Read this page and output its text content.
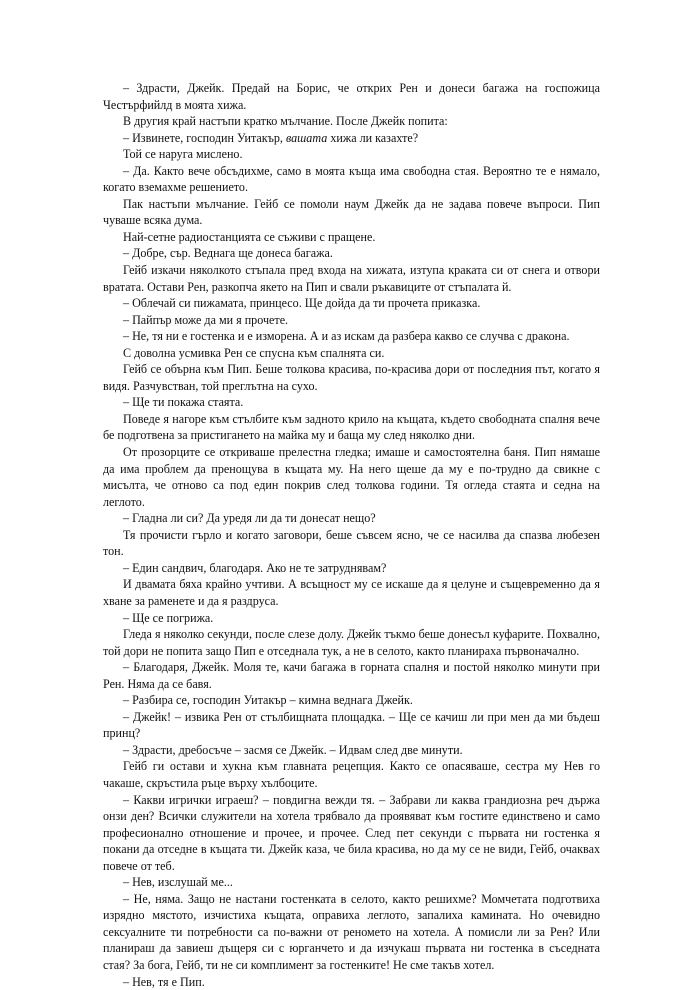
– Здрасти, Джейк. Предай на Борис, че открих Рен и донеси багажа на госпожица Честърфийлд в моята хижа.

В другия край настъпи кратко мълчание. После Джейк попита:

– Извинете, господин Уитакър, вашата хижа ли казахте?

Той се наруга мислено.

– Да. Както вече обсъдихме, само в моята къща има свободна стая. Вероятно те е нямало, когато вземахме решението.

Пак настъпи мълчание. Гейб се помоли наум Джейк да не задава повече въпроси. Пип чуваше всяка дума.

Най-сетне радиостанцията се съживи с пращене.

– Добре, сър. Веднага ще донеса багажа.

Гейб изкачи няколкото стъпала пред входа на хижата, изтупа краката си от снега и отвори вратата. Остави Рен, разкопча якето на Пип и свали ръкавиците от стъпалата й.

– Облечай си пижамата, принцесо. Ще дойда да ти прочета приказка.

– Пайпър може да ми я прочете.

– Не, тя ни е гостенка и е изморена. А и аз искам да разбера какво се случва с дракона.

С доволна усмивка Рен се спусна към спалнята си.

Гейб се обърна към Пип. Беше толкова красива, по-красива дори от последния път, когато я видя. Разчувстван, той преглътна на сухо.

– Ще ти покажа стаята.

Поведе я нагоре към стълбите към задното крило на къщата, където свободната спалня вече бе подготвена за пристигането на майка му и баща му след няколко дни.

От прозорците се откриваше прелестна гледка; имаше и самостоятелна баня. Пип нямаше да има проблем да пренощува в къщата му. На него щеше да му е по-трудно да свикне с мисълта, че отново са под един покрив след толкова години. Тя огледа стаята и седна на леглото.

– Гладна ли си? Да уредя ли да ти донесат нещо?

Тя прочисти гърло и когато заговори, беше съвсем ясно, че се насилва да спазва любезен тон.

– Един сандвич, благодаря. Ако не те затруднявам?

И двамата бяха крайно учтиви. А всъщност му се искаше да я целуне и същевременно да я хване за раменете и да я раздруса.

– Ще се погрижа.

Гледа я няколко секунди, после слезе долу. Джейк тъкмо беше донесъл куфарите. Похвално, той дори не попита защо Пип е отседнала тук, а не в селото, както планираха първоначално.

– Благодаря, Джейк. Моля те, качи багажа в горната спалня и постой няколко минути при Рен. Няма да се бавя.

– Разбира се, господин Уитакър – кимна веднага Джейк.

– Джейк! – извика Рен от стълбищната площадка. – Ще се качиш ли при мен да ми бъдеш принц?

– Здрасти, дребосъче – засмя се Джейк. – Идвам след две минути.

Гейб ги остави и хукна към главната рецепция. Както се опасяваше, сестра му Нев го чакаше, скръстила ръце върху хълбоците.

– Какви игрички играеш? – повдигна вежди тя. – Забрави ли каква грандиозна реч държа онзи ден? Всички служители на хотела трябвало да проявяват към гостите единствено и само професионално отношение и прочее, и прочее. След пет секунди с първата ни гостенка я покани да отседне в къщата ти. Джейк каза, че била красива, но да му се не види, Гейб, очаквах повече от теб.

– Нев, изслушай ме...

– Не, няма. Защо не настани гостенката в селото, както решихме? Момчетата подготвиха изрядно мястото, изчистиха къщата, оправиха леглото, запалиха камината. Но очевидно сексуалните ти потребности са по-важни от реномето на хотела. А помисли ли за Рен? Или планираш да завиеш дъщеря си с юрганчето и да изчукаш първата ни гостенка в съседната стая? За бога, Гейб, ти не си комплимент за гостенките! Не сме такъв хотел.

– Нев, тя е Пип.
